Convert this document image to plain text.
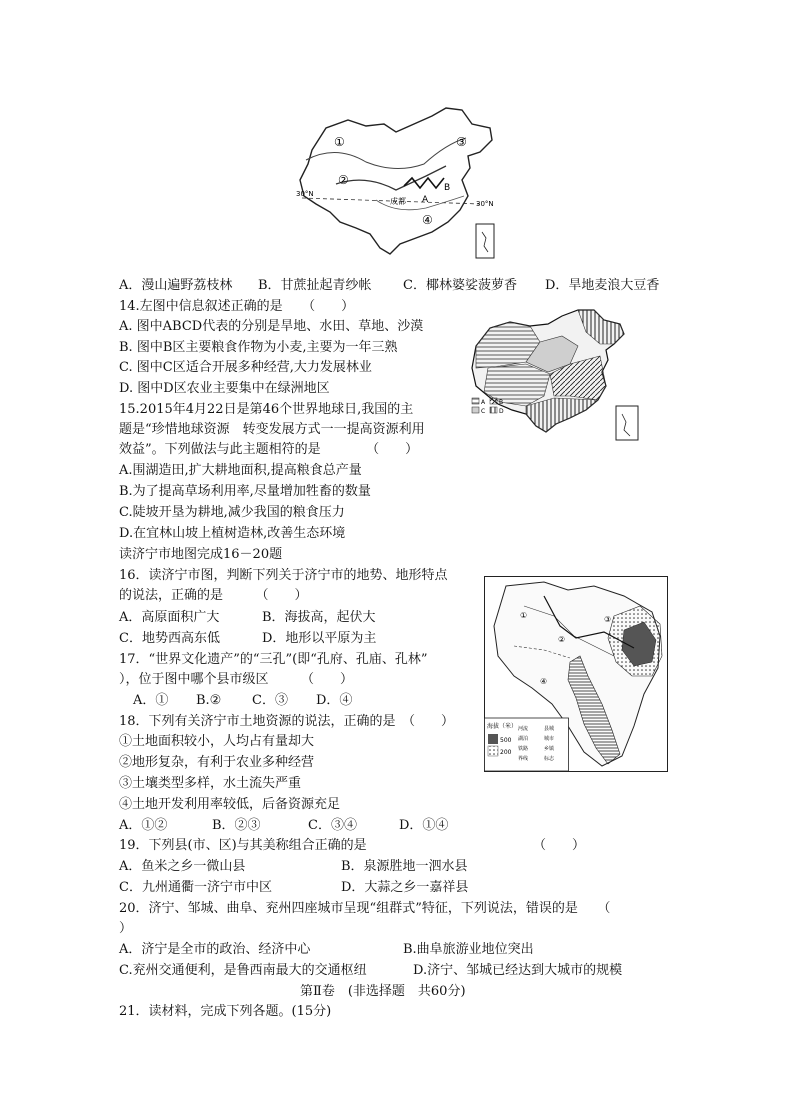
①
②
③
④
30°N
30°N
A
B
成都
A．漫山遍野荔枝林 B．甘蔗扯起青纱帐 C．椰林婆娑菠萝香 D．旱地麦浪大豆香
14.左图中信息叙述正确的是　　（　　）
A. 图中ABCD代表的分别是旱地、水田、草地、沙漠
B. 图中B区主要粮食作物为小麦,主要为一年三熟
C. 图中C区适合开展多种经营,大力发展林业
D. 图中D区农业主要集中在绿洲地区
A B
C D
15.2015年4月22日是第46个世界地球日,我国的主
题是“珍惜地球资源　转变发展方式一一提高资源利用
效益”。下列做法与此主题相符的是　　　　（　　）
A.围湖造田,扩大耕地面积,提高粮食总产量
B.为了提高草场利用率,尽量增加牲畜的数量
C.陡坡开垦为耕地,减少我国的粮食压力
D.在宜林山坡上植树造林,改善生态环境
读济宁市地图完成16－20题
16．读济宁市图，判断下列关于济宁市的地势、地形特点
的说法，正确的是　　　（　　）
A．高原面积广大	B．海拔高，起伏大
C．地势西高东低	D．地形以平原为主
17．“世界文化遗产”的“三孔”(即“孔府、孔庙、孔林”
），位于图中哪个县市级区　　　（　　）
A．① B.② C．③ D．④
①
②
③
④
海拔（米）
500
200
河流
湖泊
铁路
界线
县城
城市
乡镇
标志
18．下列有关济宁市土地资源的说法，正确的是　（　　）
①土地面积较小，人均占有量却大
②地形复杂，有利于农业多种经营
③土壤类型多样，水土流失严重
④土地开发利用率较低，后备资源充足
A．①②	B．②③	C．③④	D．①④
19．下列县(市、区)与其美称组合正确的是	（　　）
A．鱼米之乡一微山县	B．泉源胜地一泗水县
C．九州通衢一济宁市中区	D．大蒜之乡一嘉祥县
20．济宁、邹城、曲阜、兖州四座城市呈现“组群式”特征，下列说法，错误的是　　（
）
A．济宁是全市的政治、经济中心	B.曲阜旅游业地位突出
C.兖州交通便利，是鲁西南最大的交通枢纽	D.济宁、邹城已经达到大城市的规模
第Ⅱ卷　(非选择题　共60分)
21．读材料，完成下列各题。(15分)
